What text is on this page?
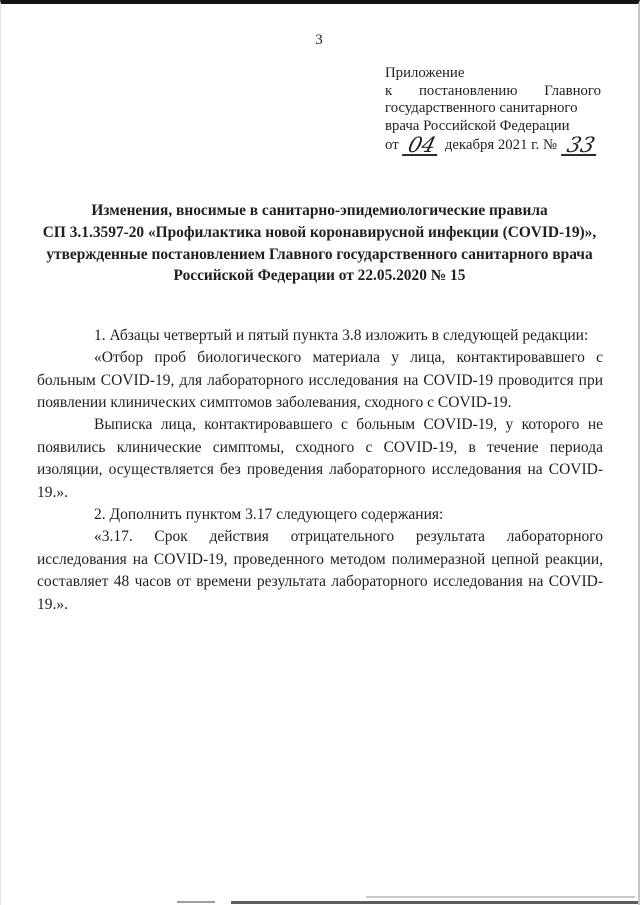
3
Приложение
к постановлению Главного
государственного санитарного
врача Российской Федерации
от 04 декабря 2021 г. № 33
Изменения, вносимые в санитарно-эпидемиологические правила
СП 3.1.3597-20 «Профилактика новой коронавирусной инфекции (COVID-19)»,
утвержденные постановлением Главного государственного санитарного врача
Российской Федерации от 22.05.2020 № 15

1. Абзацы четвертый и пятый пункта 3.8 изложить в следующей редакции:

«Отбор проб биологического материала у лица, контактировавшего с больным COVID-19, для лабораторного исследования на COVID-19 проводится при появлении клинических симптомов заболевания, сходного с COVID-19.

Выписка лица, контактировавшего с больным COVID-19, у которого не появились клинические симптомы, сходного с COVID-19, в течение периода изоляции, осуществляется без проведения лабораторного исследования на COVID-19.».

2. Дополнить пунктом 3.17 следующего содержания:

«3.17. Срок действия отрицательного результата лабораторного исследования на COVID-19, проведенного методом полимеразной цепной реакции, составляет 48 часов от времени результата лабораторного исследования на COVID-19.».
